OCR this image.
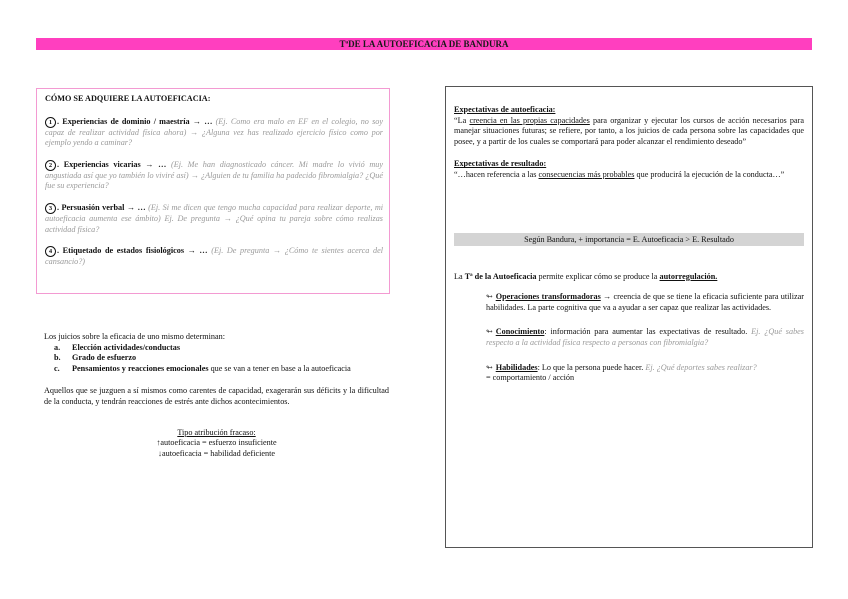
TªDE LA AUTOEFICACIA DE BANDURA
CÓMO SE ADQUIERE LA AUTOEFICACIA:
1 . Experiencias de dominio / maestría → … (Ej. Como era malo en EF en el colegio, no soy capaz de realizar actividad física ahora) → ¿Alguna vez has realizado ejercicio físico como por ejemplo yendo a caminar?
2 . Experiencias vicarias → … (Ej. Me han diagnosticado cáncer. Mi madre lo vivió muy angustiada así que yo también lo viviré así) → ¿Alguien de tu familia ha padecido fibromialgia? ¿Qué fue su experiencia?
3 . Persuasión verbal → … (Ej. Si me dicen que tengo mucha capacidad para realizar deporte, mi autoeficacia aumenta ese ámbito) Ej. De pregunta → ¿Qué opina tu pareja sobre cómo realizas actividad física?
4 . Etiquetado de estados fisiológicos → … (Ej. De pregunta → ¿Cómo te sientes acerca del cansancio?)
Los juicios sobre la eficacia de uno mismo determinan:
a. Elección actividades/conductas
b. Grado de esfuerzo
c. Pensamientos y reacciones emocionales que se van a tener en base a la autoeficacia
Aquellos que se juzguen a sí mismos como carentes de capacidad, exagerarán sus déficits y la dificultad de la conducta, y tendrán reacciones de estrés ante dichos acontecimientos.
Tipo atribución fracaso:
↑autoeficacia = esfuerzo insuficiente
↓autoeficacia = habilidad deficiente
Expectativas de autoeficacia:
“La creencia en las propias capacidades para organizar y ejecutar los cursos de acción necesarios para manejar situaciones futuras; se refiere, por tanto, a los juicios de cada persona sobre las capacidades que posee, y a partir de los cuales se comportará para poder alcanzar el rendimiento deseado”
Expectativas de resultado:
“…hacen referencia a las consecuencias más probables que producirá la ejecución de la conducta…”
Según Bandura, + importancia = E. Autoeficacia > E. Resultado
La Tª de la Autoeficacia permite explicar cómo se produce la autorregulación.
↬ Operaciones transformadoras → creencia de que se tiene la eficacia suficiente para utilizar habilidades. La parte cognitiva que va a ayudar a ser capaz que realizar las actividades.
↬ Conocimiento: información para aumentar las expectativas de resultado. Ej. ¿Qué sabes respecto a la actividad física respecto a personas con fibromialgia?
↬ Habilidades: Lo que la persona puede hacer. Ej. ¿Qué deportes sabes realizar?
= comportamiento / acción
